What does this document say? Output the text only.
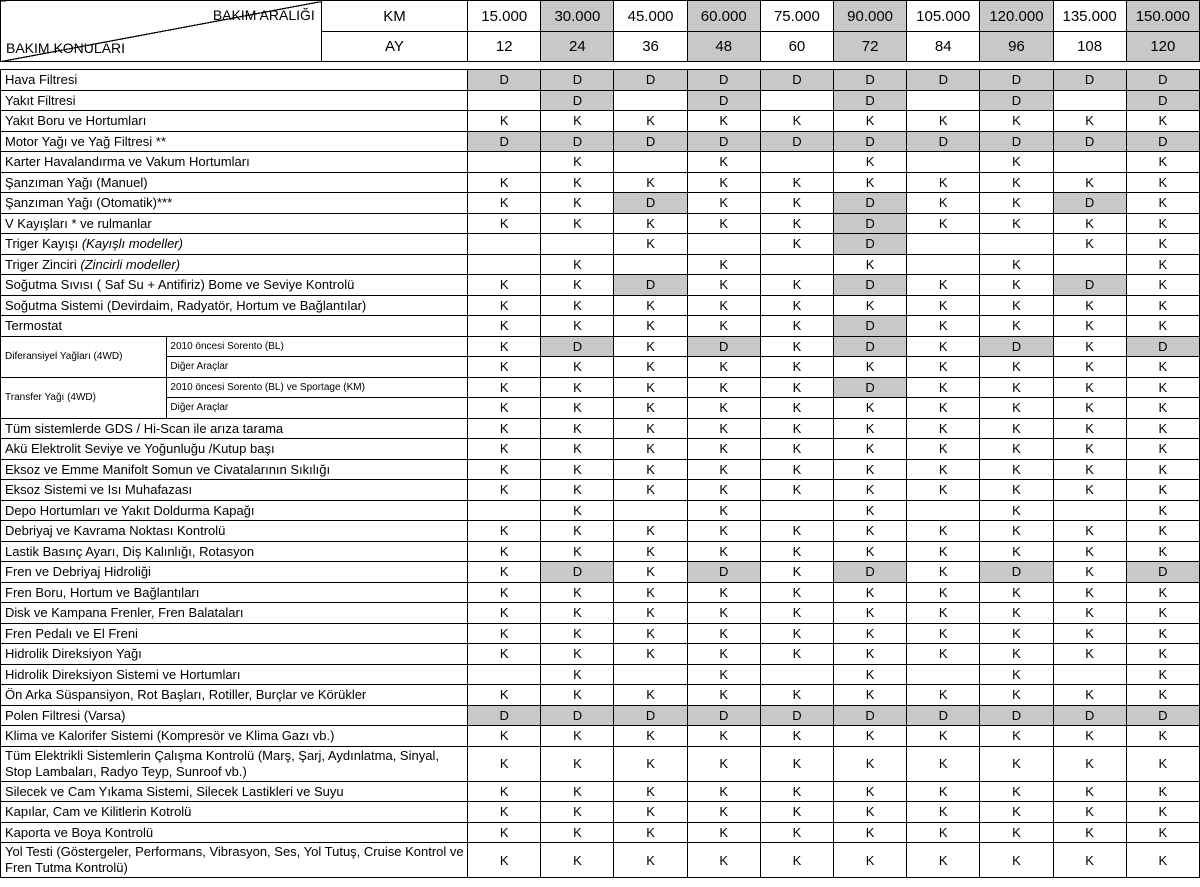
BAKIM ARALIĞI
BAKIM KONULARI		KM	15.000	30.000	45.000	60.000	75.000	90.000	105.000	120.000	135.000	150.000
		AY	12	24	36	48	60	72	84	96	108	120

Hava Filtresi			D	D	D	D	D	D	D	D	D	D
Yakıt Filtresi				D		D		D		D		D
Yakıt Boru ve Hortumları			K	K	K	K	K	K	K	K	K	K
Motor Yağı ve Yağ Filtresi **			D	D	D	D	D	D	D	D	D	D
Karter Havalandırma ve Vakum Hortumları				K		K		K		K		K
Şanzıman Yağı (Manuel)			K	K	K	K	K	K	K	K	K	K
Şanzıman Yağı (Otomatik)***			K	K	D	K	K	D	K	K	D	K
V Kayışları * ve rulmanlar			K	K	K	K	K	D	K	K	K	K
Triger Kayışı (Kayışlı modeller)					K		K	D			K	K
Triger Zinciri (Zincirli modeller)				K		K		K		K		K
Soğutma Sıvısı ( Saf Su + Antifiriz) Bome ve Seviye Kontrolü			K	K	D	K	K	D	K	K	D	K
Soğutma Sistemi (Devirdaim, Radyatör, Hortum ve Bağlantılar)			K	K	K	K	K	K	K	K	K	K
Termostat			K	K	K	K	K	D	K	K	K	K
Diferansiyel Yağları (4WD)	2010 öncesi Sorento (BL)		K	D	K	D	K	D	K	D	K	D
	Diğer Araçlar		K	K	K	K	K	K	K	K	K	K
Transfer Yağı (4WD)	2010 öncesi Sorento (BL) ve Sportage (KM)		K	K	K	K	K	D	K	K	K	K
	Diğer Araçlar		K	K	K	K	K	K	K	K	K	K
Tüm sistemlerde GDS / Hi-Scan ile arıza tarama			K	K	K	K	K	K	K	K	K	K
Akü Elektrolit Seviye ve Yoğunluğu /Kutup başı			K	K	K	K	K	K	K	K	K	K
Eksoz ve Emme Manifolt Somun ve Civatalarının Sıkılığı			K	K	K	K	K	K	K	K	K	K
Eksoz Sistemi ve Isı Muhafazası			K	K	K	K	K	K	K	K	K	K
Depo Hortumları ve Yakıt Doldurma Kapağı				K		K		K		K		K
Debriyaj ve Kavrama Noktası Kontrolü			K	K	K	K	K	K	K	K	K	K
Lastik Basınç Ayarı, Diş Kalınlığı, Rotasyon			K	K	K	K	K	K	K	K	K	K
Fren ve Debriyaj Hidroliği			K	D	K	D	K	D	K	D	K	D
Fren Boru, Hortum ve Bağlantıları			K	K	K	K	K	K	K	K	K	K
Disk ve Kampana Frenler, Fren Balataları			K	K	K	K	K	K	K	K	K	K
Fren Pedalı ve El Freni			K	K	K	K	K	K	K	K	K	K
Hidrolik Direksiyon Yağı			K	K	K	K	K	K	K	K	K	K
Hidrolik Direksiyon Sistemi ve Hortumları				K		K		K		K		K
Ön Arka Süspansiyon, Rot Başları, Rotiller, Burçlar ve Körükler			K	K	K	K	K	K	K	K	K	K
Polen Filtresi (Varsa)			D	D	D	D	D	D	D	D	D	D
Klima ve Kalorifer Sistemi (Kompresör ve Klima Gazı vb.)			K	K	K	K	K	K	K	K	K	K
Tüm Elektrikli Sistemlerin Çalışma Kontrolü (Marş, Şarj, Aydınlatma, Sinyal, Stop Lambaları, Radyo Teyp, Sunroof vb.)			K	K	K	K	K	K	K	K	K	K
Silecek ve Cam Yıkama Sistemi, Silecek Lastikleri ve Suyu			K	K	K	K	K	K	K	K	K	K
Kapılar, Cam ve Kilitlerin Kotrolü			K	K	K	K	K	K	K	K	K	K
Kaporta ve Boya Kontrolü			K	K	K	K	K	K	K	K	K	K
Yol Testi (Göstergeler, Performans, Vibrasyon, Ses, Yol Tutuş, Cruise Kontrol ve Fren Tutma Kontrolü)			K	K	K	K	K	K	K	K	K	K
